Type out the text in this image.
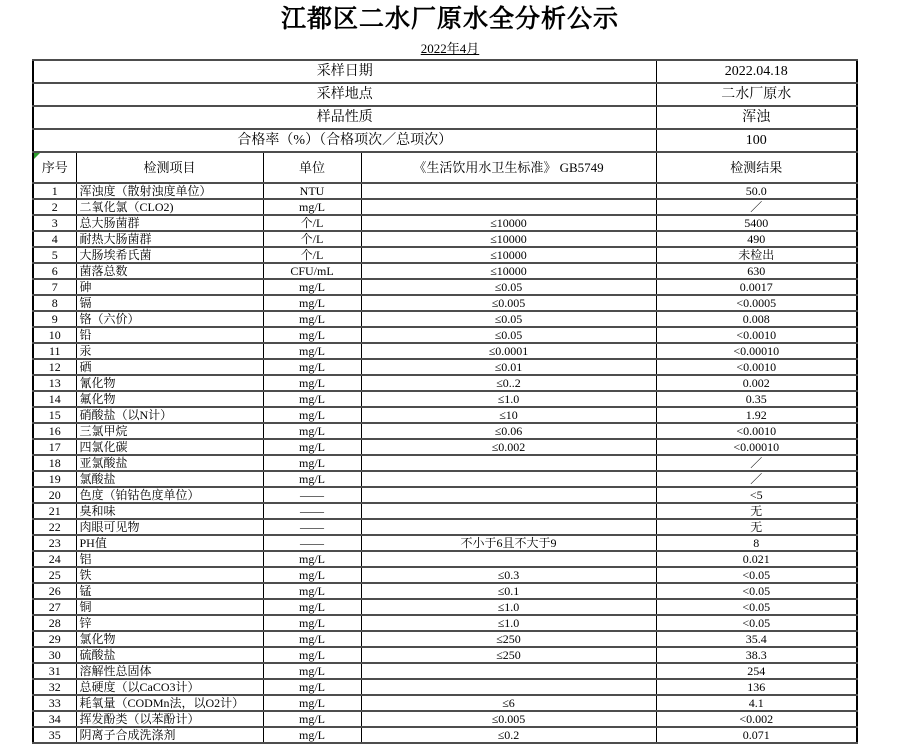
江都区二水厂原水全分析公示
2022年4月
采样日期				2022.04.18
采样地点				二水厂原水
样品性质				浑浊
合格率（%）（合格项次／总项次）				100

序号	检测项目	单位	《生活饮用水卫生标准》 GB5749	检测结果
1	浑浊度（散射浊度单位）	NTU		50.0
2	二氧化氯（CLO2)	mg/L		／
3	总大肠菌群	个/L	≤10000	5400
4	耐热大肠菌群	个/L	≤10000	490
5	大肠埃希氏菌	个/L	≤10000	未检出
6	菌落总数	CFU/mL	≤10000	630
7	砷	mg/L	≤0.05	0.0017
8	镉	mg/L	≤0.005	<0.0005
9	铬（六价）	mg/L	≤0.05	0.008
10	铅	mg/L	≤0.05	<0.0010
11	汞	mg/L	≤0.0001	<0.00010
12	硒	mg/L	≤0.01	<0.0010
13	氰化物	mg/L	≤0..2	0.002
14	氟化物	mg/L	≤1.0	0.35
15	硝酸盐（以N计）	mg/L	≤10	1.92
16	三氯甲烷	mg/L	≤0.06	<0.0010
17	四氯化碳	mg/L	≤0.002	<0.00010
18	亚氯酸盐	mg/L		／
19	氯酸盐	mg/L		／
20	色度（铂钴色度单位）	——		<5
21	臭和味	——		无
22	肉眼可见物	——		无
23	PH值	——	不小于6且不大于9	8
24	铝	mg/L		0.021
25	铁	mg/L	≤0.3	<0.05
26	锰	mg/L	≤0.1	<0.05
27	铜	mg/L	≤1.0	<0.05
28	锌	mg/L	≤1.0	<0.05
29	氯化物	mg/L	≤250	35.4
30	硫酸盐	mg/L	≤250	38.3
31	溶解性总固体	mg/L		254
32	总硬度（以CaCO3计）	mg/L		136
33	耗氧量（CODMn法，以O2计）	mg/L	≤6	4.1
34	挥发酚类（以苯酚计）	mg/L	≤0.005	<0.002
35	阴离子合成洗涤剂	mg/L	≤0.2	0.071
